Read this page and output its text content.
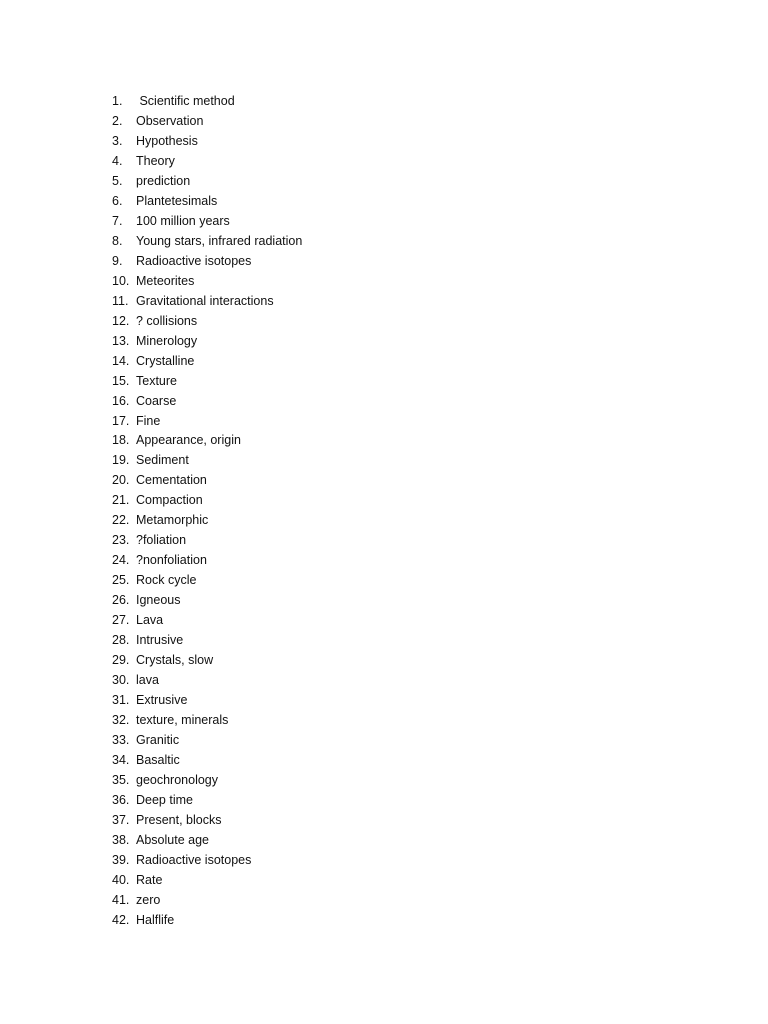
1.	Scientific method
2.	Observation
3.	Hypothesis
4.	Theory
5.	prediction
6.	Plantetesimals
7.	100 million years
8.	Young stars, infrared radiation
9.	Radioactive isotopes
10. Meteorites
11. Gravitational interactions
12. ? collisions
13. Minerology
14. Crystalline
15. Texture
16. Coarse
17. Fine
18. Appearance, origin
19. Sediment
20. Cementation
21. Compaction
22. Metamorphic
23. ?foliation
24. ?nonfoliation
25. Rock cycle
26. Igneous
27. Lava
28. Intrusive
29. Crystals, slow
30. lava
31. Extrusive
32. texture, minerals
33. Granitic
34. Basaltic
35. geochronology
36. Deep time
37. Present, blocks
38. Absolute age
39. Radioactive isotopes
40. Rate
41. zero
42. Halflife
